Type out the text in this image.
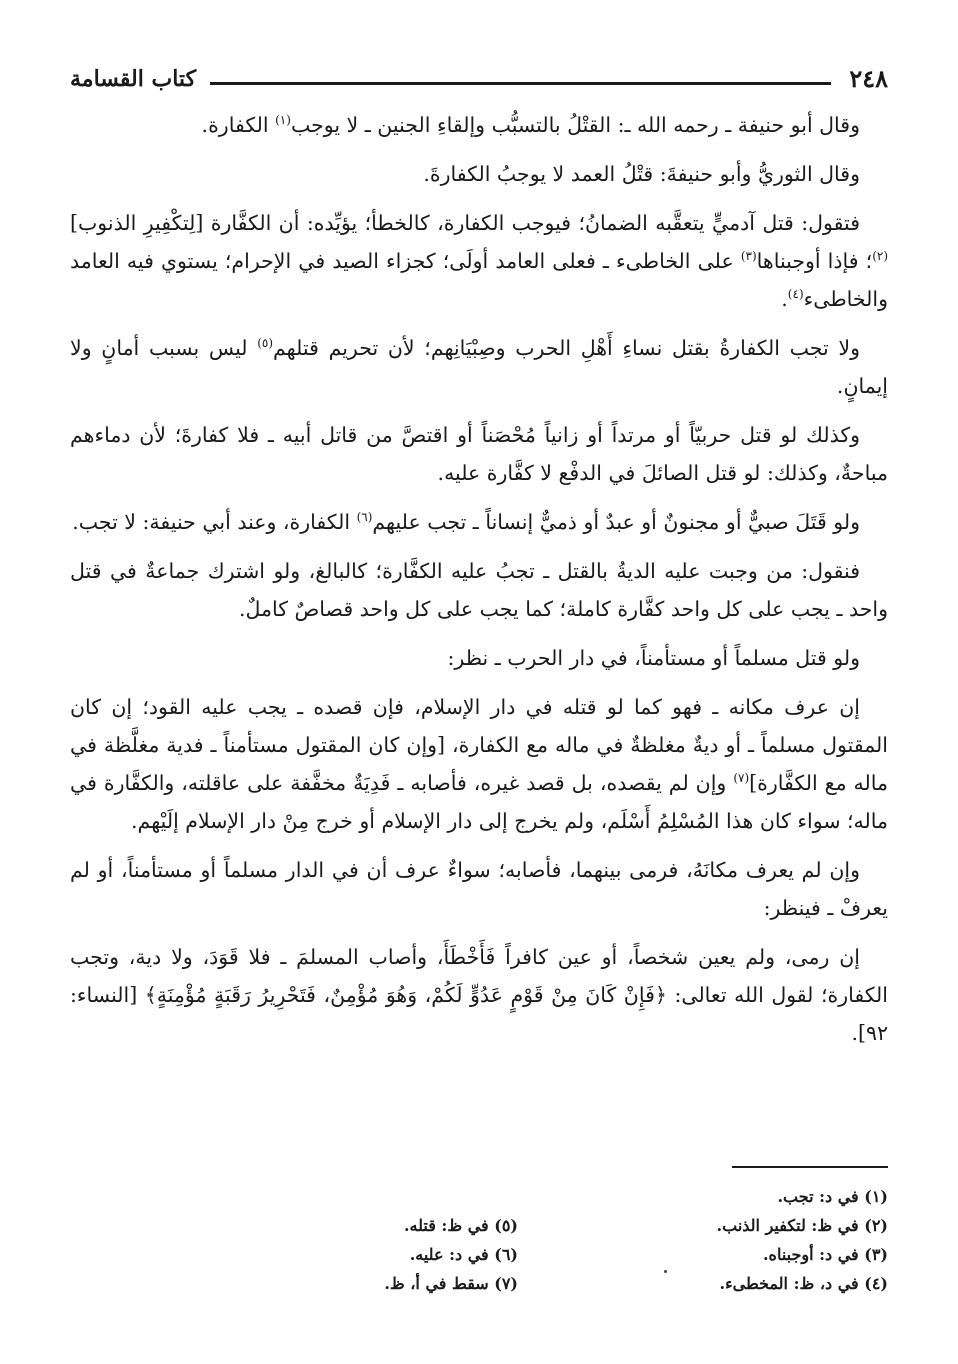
٢٤٨
كتاب القسامة

وقال أبو حنيفة ـ رحمه الله ـ: القتْلُ بالتسبُّب وإلقاءِ الجنين ـ لا يوجب$^{(١)}$ الكفارة.

وقال الثوريُّ وأبو حنيفةَ: قتْلُ العمد لا يوجبُ الكفارةَ.

فتقول: قتل آدميٍّ يتعقَّبه الضمانُ؛ فيوجب الكفارة، كالخطأ؛ يؤيِّده: أن الكفَّارة [لِتكْفِيرِ الذنوب]$^{(٢)}$؛ فإذا أوجبناها$^{(٣)}$ على الخاطىء ـ فعلى العامد أولَى؛ كجزاء الصيد في الإحرام؛ يستوي فيه العامد والخاطىء$^{(٤)}$.

ولا تجب الكفارةُ بقتل نساءِ أَهْلِ الحرب وصِبْيَانِهم؛ لأن تحريم قتلهم$^{(٥)}$ ليس بسبب أمانٍ ولا إيمانٍ.

وكذلك لو قتل حربيّاً أو مرتداً أو زانياً مُحْصَناً أو اقتصَّ من قاتل أبيه ـ فلا كفارةَ؛ لأن دماءهم مباحةٌ، وكذلك: لو قتل الصائلَ في الدفْع لا كفَّارة عليه.

ولو قَتَلَ صبيٌّ أو مجنونٌ أو عبدٌ أو ذميٌّ إنساناً ـ تجب عليهم$^{(٦)}$ الكفارة، وعند أبي حنيفة: لا تجب.

فنقول: من وجبت عليه الديةُ بالقتل ـ تجبُ عليه الكفَّارة؛ كالبالغ، ولو اشترك جماعةٌ في قتل واحد ـ يجب على كل واحد كفَّارة كاملة؛ كما يجب على كل واحد قصاصٌ كاملٌ.

ولو قتل مسلماً أو مستأمناً، في دار الحرب ـ نظر:

إن عرف مكانه ـ فهو كما لو قتله في دار الإسلام، فإن قصده ـ يجب عليه القود؛ إن كان المقتول مسلماً ـ أو ديةٌ مغلظةٌ في ماله مع الكفارة، [وإن كان المقتول مستأمناً ـ فدية مغلَّظة في ماله مع الكفَّارة]$^{(٧)}$ وإن لم يقصده، بل قصد غيره، فأصابه ـ فَدِيَةٌ مخفَّفة على عاقلته، والكفَّارة في ماله؛ سواء كان هذا المُسْلِمُ أَسْلَم، ولم يخرج إلى دار الإسلام أو خرج مِنْ دار الإسلام إلَيْهم.

وإن لم يعرف مكانَهُ، فرمى بينهما، فأصابه؛ سواءٌ عرف أن في الدار مسلماً أو مستأمناً، أو لم يعرفْ ـ فينظر:

إن رمى، ولم يعين شخصاً، أو عين كافراً فَأَخْطَأَ، وأصاب المسلمَ ـ فلا قَوَدَ، ولا دية، وتجب الكفارة؛ لقول الله تعالى: ﴿فَإِنْ كَانَ مِنْ قَوْمٍ عَدُوٍّ لَكُمْ، وَهُوَ مُؤْمِنٌ، فَتَحْرِيرُ رَقَبَةٍ مُؤْمِنَةٍ﴾ [النساء: ٩٢].

(١) في د: تجب.
(٢) في ظ: لتكفير الذنب.
(٣) في د: أوجبناه.
(٤) في د، ظ: المخطىء.
(٥) في ظ: قتله.
(٦) في د: عليه.
(٧) سقط في أ، ظ.
